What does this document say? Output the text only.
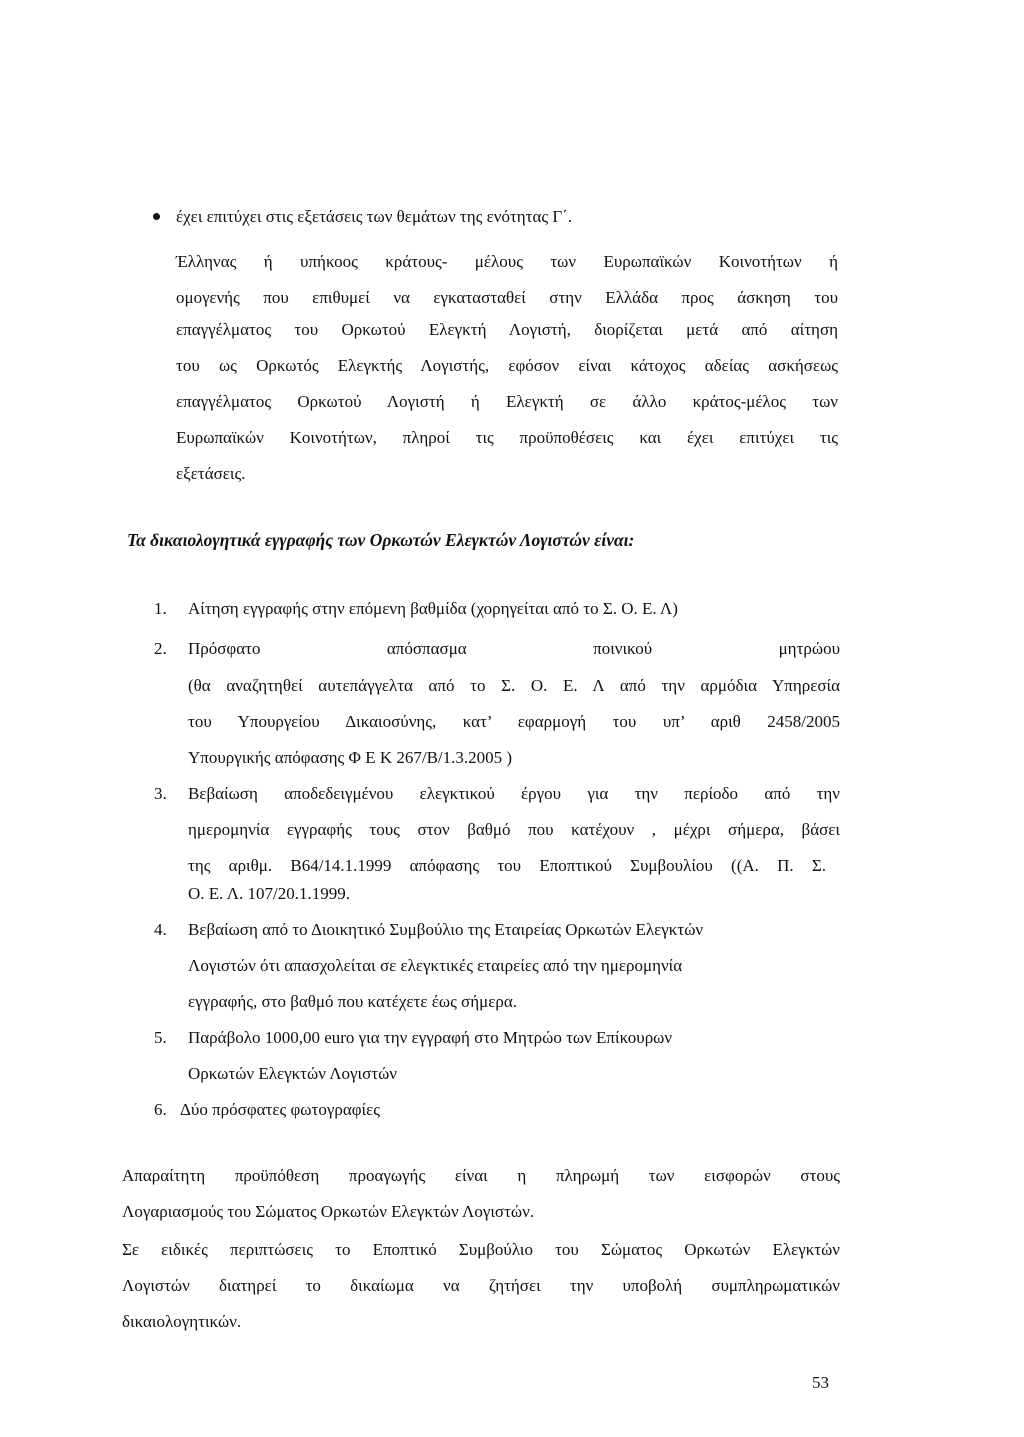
έχει επιτύχει στις εξετάσεις των θεμάτων της ενότητας Γ΄.

Έλληνας ή υπήκοος κράτους- μέλους των Ευρωπαϊκών Κοινοτήτων ή

ομογενής που επιθυμεί να εγκατασταθεί στην Ελλάδα προς άσκηση του

επαγγέλματος του Ορκωτού Ελεγκτή Λογιστή, διορίζεται μετά από αίτηση

του ως Ορκωτός Ελεγκτής Λογιστής, εφόσον είναι κάτοχος αδείας ασκήσεως

επαγγέλματος Ορκωτού Λογιστή ή Ελεγκτή σε άλλο κράτος-μέλος των

Ευρωπαϊκών Κοινοτήτων, πληροί τις προϋποθέσεις και έχει επιτύχει τις

εξετάσεις.

Τα δικαιολογητικά εγγραφής των Ορκωτών Ελεγκτών Λογιστών είναι:

1. Αίτηση εγγραφής στην επόμενη βαθμίδα (χορηγείται από το Σ. Ο. Ε. Λ)

2. Πρόσφατο απόσπασμα ποινικού μητρώου

(θα αναζητηθεί αυτεπάγγελτα από το Σ. Ο. Ε. Λ από την αρμόδια Υπηρεσία

του Υπουργείου Δικαιοσύνης, κατ’ εφαρμογή του υπ’ αριθ 2458/2005

Υπουργικής απόφασης Φ Ε Κ 267/Β/1.3.2005 )

3. Βεβαίωση αποδεδειγμένου ελεγκτικού έργου για την περίοδο από την

ημερομηνία εγγραφής τους στον βαθμό που κατέχουν , μέχρι σήμερα, βάσει

της αριθμ. Β64/14.1.1999 απόφασης του Εποπτικού Συμβουλίου ((Α. Π. Σ.

Ο. Ε. Λ. 107/20.1.1999.

4. Βεβαίωση από το Διοικητικό Συμβούλιο της Εταιρείας Ορκωτών Ελεγκτών

Λογιστών ότι απασχολείται σε ελεγκτικές εταιρείες από την ημερομηνία

εγγραφής, στο βαθμό που κατέχετε έως σήμερα.

5. Παράβολο 1000,00 euro για την εγγραφή στο Μητρώο των Επίκουρων

Ορκωτών Ελεγκτών Λογιστών

6. Δύο πρόσφατες φωτογραφίες

Απαραίτητη προϋπόθεση προαγωγής είναι η πληρωμή των εισφορών στους

Λογαριασμούς του Σώματος Ορκωτών Ελεγκτών Λογιστών.

Σε ειδικές περιπτώσεις το Εποπτικό Συμβούλιο του Σώματος Ορκωτών Ελεγκτών

Λογιστών διατηρεί το δικαίωμα να ζητήσει την υποβολή συμπληρωματικών

δικαιολογητικών.

53
